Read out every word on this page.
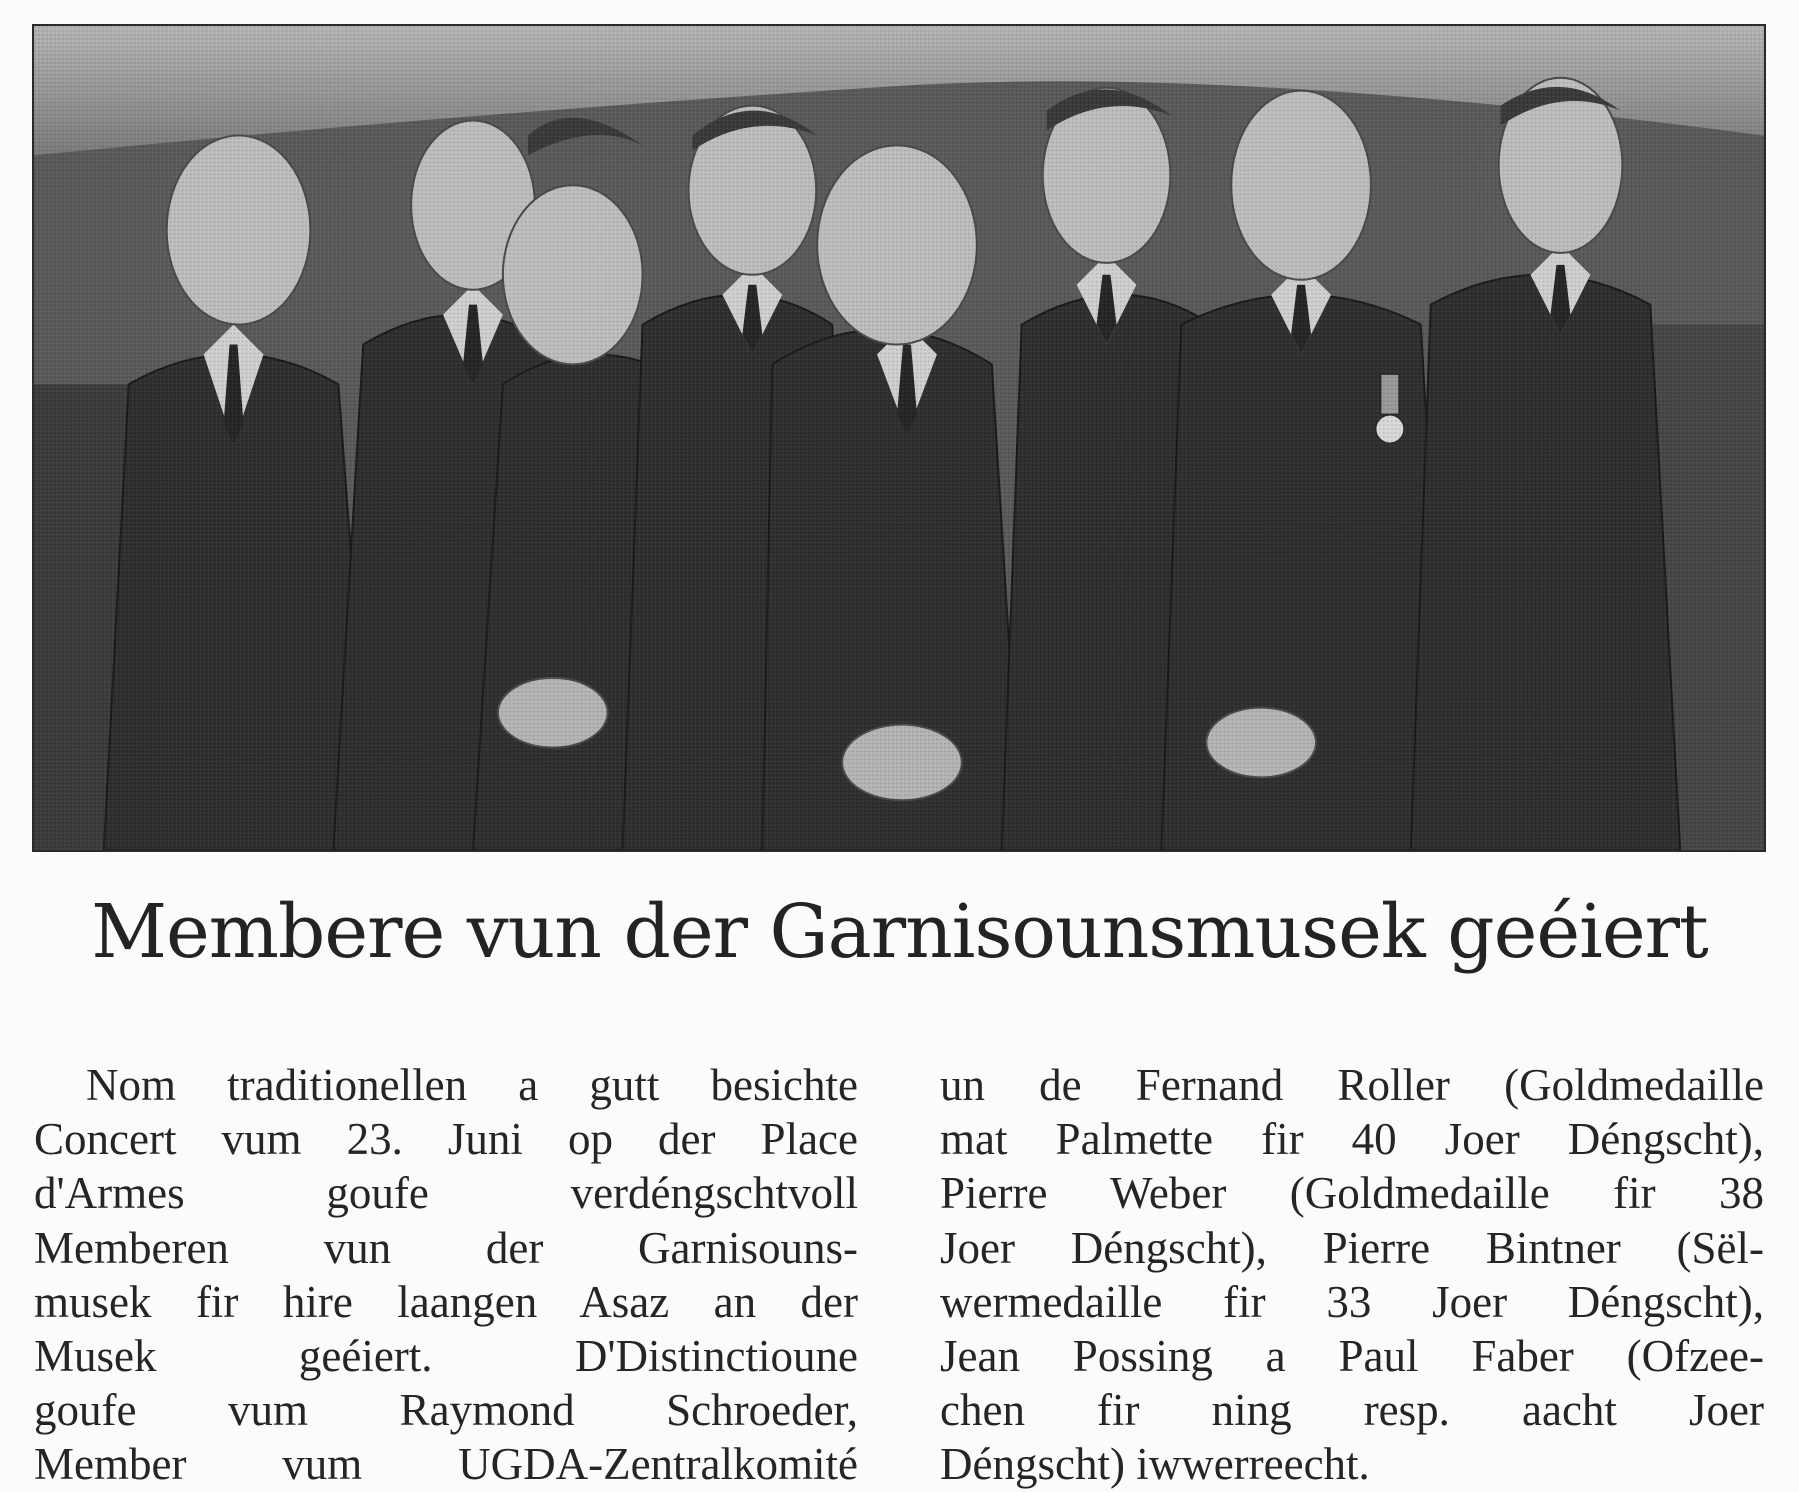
Membere vun der Garnisounsmusek geéiert
Nom traditionellen a gutt besichte
Concert vum 23. Juni op der Place
d'Armes goufe verdéngschtvoll
Memberen vun der Garnisouns-
musek fir hire laangen Asaz an der
Musek geéiert. D'Distinctioune
goufe vum Raymond Schroeder,
Member vum UGDA-Zentralkomité
un de Fernand Roller (Goldmedaille
mat Palmette fir 40 Joer Déngscht),
Pierre Weber (Goldmedaille fir 38
Joer Déngscht), Pierre Bintner (Sël-
wermedaille fir 33 Joer Déngscht),
Jean Possing a Paul Faber (Ofzee-
chen fir ning resp. aacht Joer
Déngscht) iwwerreecht.
